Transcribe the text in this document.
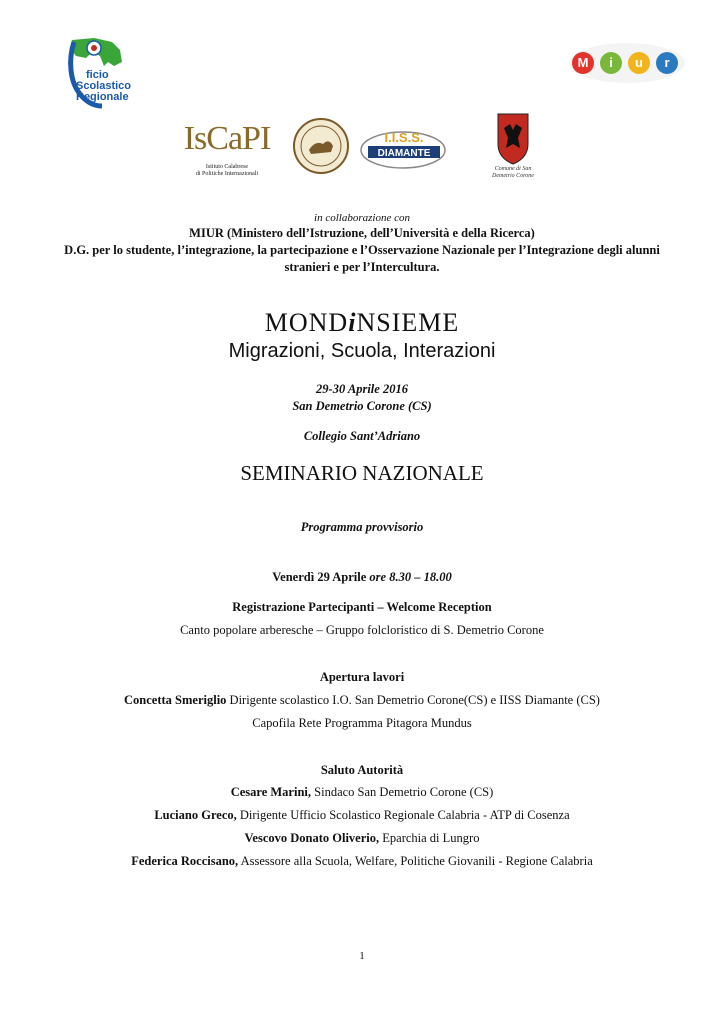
ficio
Scolastico
Regionale
M	i	u	r
IsCaPI
Istituto Calabrese
di Politiche Internazionali
I.I.S.S.
DIAMANTE
Comune di San
Demetrio Corone
in collaborazione con
MIUR (Ministero dell’Istruzione, dell’Università e della Ricerca)
D.G. per lo studente, l’integrazione, la partecipazione e l’Osservazione Nazionale per l’Integrazione degli alunni
stranieri e per l’Intercultura.
MONDiNSIEME
Migrazioni, Scuola, Interazioni
29-30 Aprile 2016
San Demetrio Corone (CS)
Collegio Sant’Adriano
SEMINARIO NAZIONALE
Programma provvisorio
Venerdì 29 Aprile ore 8.30 – 18.00
Registrazione Partecipanti – Welcome Reception
Canto popolare arberesche – Gruppo folcloristico di S. Demetrio Corone
Apertura lavori
Concetta Smeriglio Dirigente scolastico I.O. San Demetrio Corone(CS) e IISS Diamante (CS)
Capofila Rete Programma Pitagora Mundus
Saluto Autorità
Cesare Marini, Sindaco San Demetrio Corone (CS)
Luciano Greco, Dirigente Ufficio Scolastico Regionale Calabria - ATP di Cosenza
Vescovo Donato Oliverio, Eparchia di Lungro
Federica Roccisano, Assessore alla Scuola, Welfare, Politiche Giovanili - Regione Calabria
1
